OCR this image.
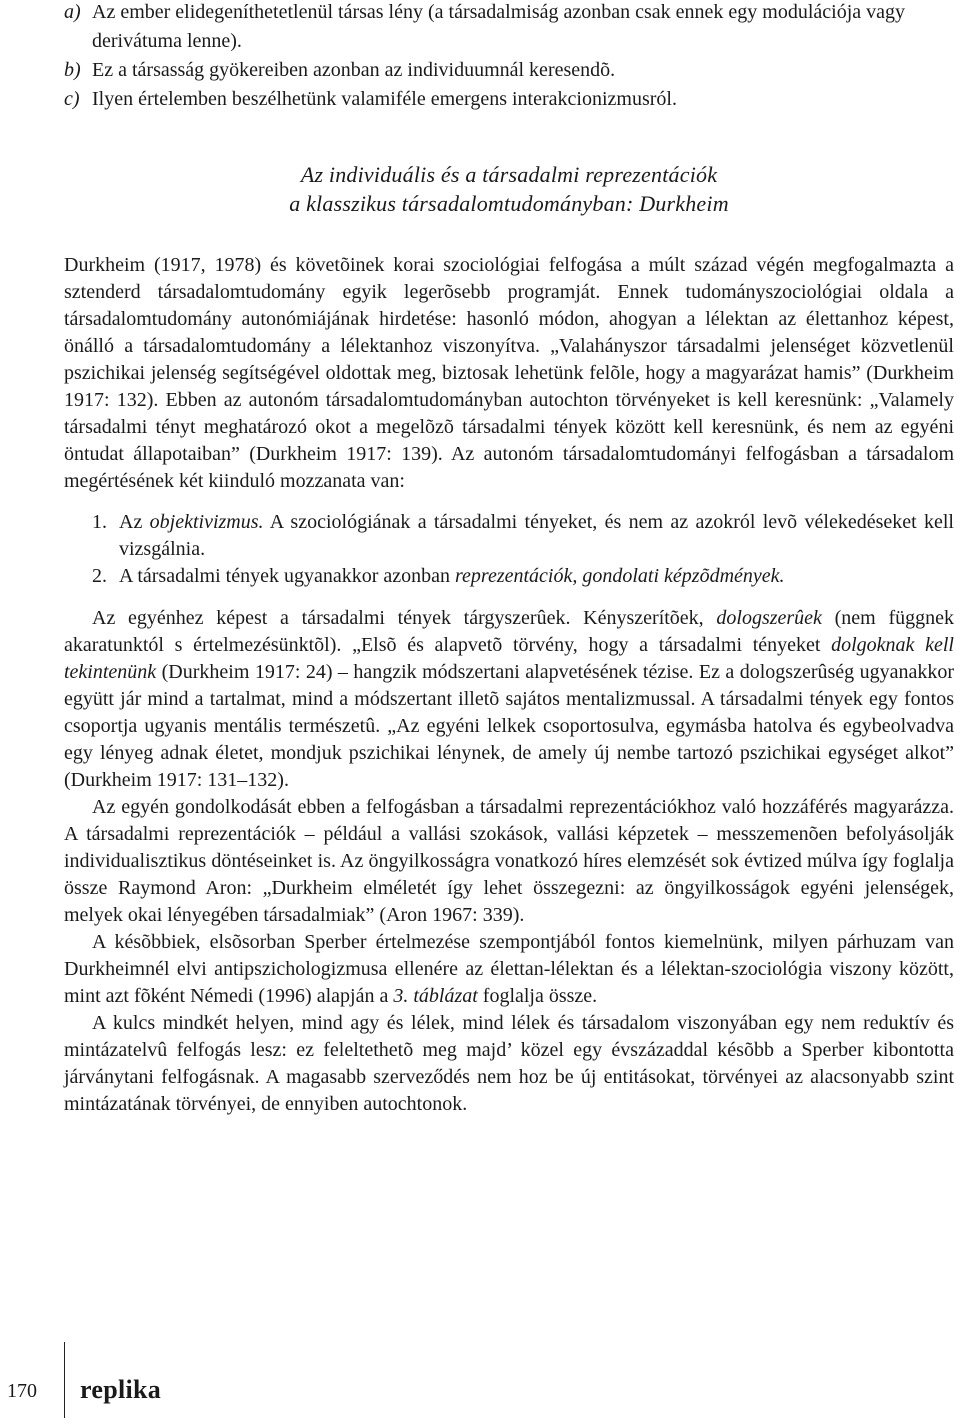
a) Az ember elidegeníthetetlenül társas lény (a társadalmiság azonban csak ennek egy modulációja vagy derivátuma lenne).
b) Ez a társasság gyökereiben azonban az individuumnál keresendõ.
c) Ilyen értelemben beszélhetünk valamiféle emergens interakcionizmusról.
Az individuális és a társadalmi reprezentációk
a klasszikus társadalomtudományban: Durkheim

Durkheim (1917, 1978) és követõinek korai szociológiai felfogása a múlt század végén megfogalmazta a sztenderd társadalomtudomány egyik legerõsebb programját. Ennek tudományszociológiai oldala a társadalomtudomány autonómiájának hirdetése: hasonló módon, ahogyan a lélektan az élettanhoz képest, önálló a társadalomtudomány a lélektanhoz viszonyítva. „Valahányszor társadalmi jelenséget közvetlenül pszichikai jelenség segítségével oldottak meg, biztosak lehetünk felõle, hogy a magyarázat hamis” (Durkheim 1917: 132). Ebben az autonóm társadalomtudományban autochton törvényeket is kell keresnünk: „Valamely társadalmi tényt meghatározó okot a megelõzõ társadalmi tények között kell keresnünk, és nem az egyéni öntudat állapotaiban” (Durkheim 1917: 139). Az autonóm társadalomtudományi felfogásban a társadalom megértésének két kiinduló mozzanata van:

1. Az objektivizmus. A szociológiának a társadalmi tényeket, és nem az azokról levõ vélekedéseket kell vizsgálnia.
2. A társadalmi tények ugyanakkor azonban reprezentációk, gondolati képzõdmények.

Az egyénhez képest a társadalmi tények tárgyszerûek. Kényszerítõek, dologszerûek (nem függnek akaratunktól s értelmezésünktõl). „Elsõ és alapvetõ törvény, hogy a társadalmi tényeket dolgoknak kell tekintenünk (Durkheim 1917: 24) – hangzik módszertani alapvetésének tézise. Ez a dologszerûség ugyanakkor együtt jár mind a tartalmat, mind a módszertant illetõ sajátos mentalizmussal. A társadalmi tények egy fontos csoportja ugyanis mentális természetû. „Az egyéni lelkek csoportosulva, egymásba hatolva és egybeolvadva egy lényeg adnak életet, mondjuk pszichikai lénynek, de amely új nembe tartozó pszichikai egységet alkot” (Durkheim 1917: 131–132).

Az egyén gondolkodását ebben a felfogásban a társadalmi reprezentációkhoz való hozzáférés magyarázza. A társadalmi reprezentációk – például a vallási szokások, vallási képzetek – messzemenõen befolyásolják individualisztikus döntéseinket is. Az öngyilkosságra vonatkozó híres elemzését sok évtized múlva így foglalja össze Raymond Aron: „Durkheim elméletét így lehet összegezni: az öngyilkosságok egyéni jelenségek, melyek okai lényegében társadalmiak” (Aron 1967: 339).

A késõbbiek, elsõsorban Sperber értelmezése szempontjából fontos kiemelnünk, milyen párhuzam van Durkheimnél elvi antipszichologizmusa ellenére az élettan-lélektan és a lélektan-szociológia viszony között, mint azt fõként Némedi (1996) alapján a 3. táblázat foglalja össze.

A kulcs mindkét helyen, mind agy és lélek, mind lélek és társadalom viszonyában egy nem reduktív és mintázatelvû felfogás lesz: ez feleltethetõ meg majd’ közel egy évszázaddal késõbb a Sperber kibontotta járványtani felfogásnak. A magasabb szerveződés nem hoz be új entitásokat, törvényei az alacsonyabb szint mintázatának törvényei, de ennyiben autochtonok.

170 replika
